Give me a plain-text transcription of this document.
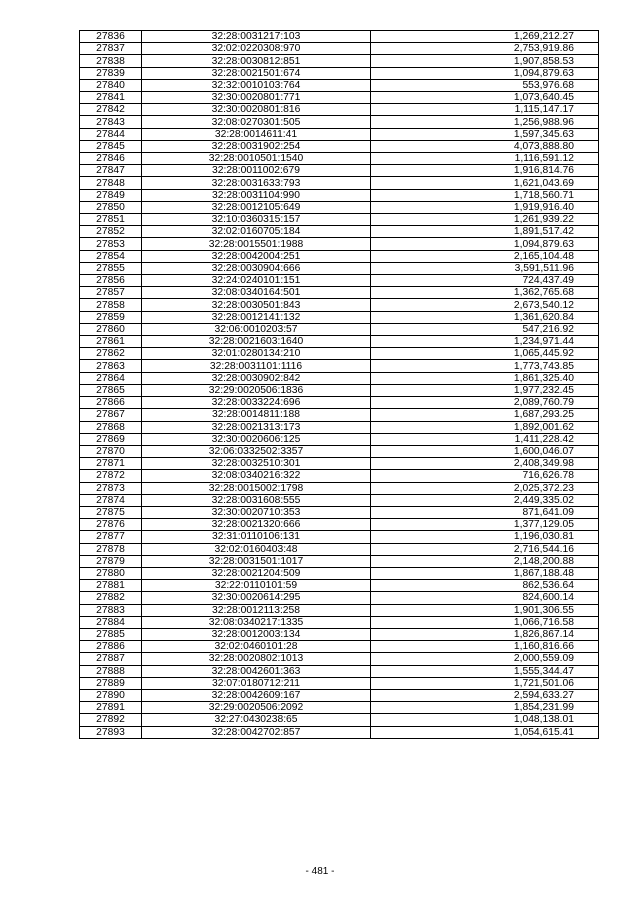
27836	32:28:0031217:103	1,269,212.27
27837	32:02:0220308:970	2,753,919.86
27838	32:28:0030812:851	1,907,858.53
27839	32:28:0021501:674	1,094,879.63
27840	32:32:0010103:764	553,976.68
27841	32:30:0020801:771	1,073,640.45
27842	32:30:0020801:816	1,115,147.17
27843	32:08:0270301:505	1,256,988.96
27844	32:28:0014611:41	1,597,345.63
27845	32:28:0031902:254	4,073,888.80
27846	32:28:0010501:1540	1,116,591.12
27847	32:28:0011002:679	1,916,814.76
27848	32:28:0031633:793	1,621,043.69
27849	32:28:0031104:990	1,718,560.71
27850	32:28:0012105:649	1,919,916.40
27851	32:10:0360315:157	1,261,939.22
27852	32:02:0160705:184	1,891,517.42
27853	32:28:0015501:1988	1,094,879.63
27854	32:28:0042004:251	2,165,104.48
27855	32:28:0030904:666	3,591,511.96
27856	32:24:0240101:151	724,437.49
27857	32:08:0340164:501	1,362,765.68
27858	32:28:0030501:843	2,673,540.12
27859	32:28:0012141:132	1,361,620.84
27860	32:06:0010203:57	547,216.92
27861	32:28:0021603:1640	1,234,971.44
27862	32:01:0280134:210	1,065,445.92
27863	32:28:0031101:1116	1,773,743.85
27864	32:28:0030902:842	1,861,325.40
27865	32:29:0020506:1836	1,977,232.45
27866	32:28:0033224:696	2,089,760.79
27867	32:28:0014811:188	1,687,293.25
27868	32:28:0021313:173	1,892,001.62
27869	32:30:0020606:125	1,411,228.42
27870	32:06:0332502:3357	1,600,046.07
27871	32:28:0032510:301	2,408,349.98
27872	32:08:0340216:322	716,626.78
27873	32:28:0015002:1798	2,025,372.23
27874	32:28:0031608:555	2,449,335.02
27875	32:30:0020710:353	871,641.09
27876	32:28:0021320:666	1,377,129.05
27877	32:31:0110106:131	1,196,030.81
27878	32:02:0160403:48	2,716,544.16
27879	32:28:0031501:1017	2,148,200.88
27880	32:28:0021204:509	1,867,188.48
27881	32:22:0110101:59	862,536.64
27882	32:30:0020614:295	824,600.14
27883	32:28:0012113:258	1,901,306.55
27884	32:08:0340217:1335	1,066,716.58
27885	32:28:0012003:134	1,826,867.14
27886	32:02:0460101:28	1,160,816.66
27887	32:28:0020802:1013	2,000,559.09
27888	32:28:0042601:363	1,555,344.47
27889	32:07:0180712:211	1,721,501.06
27890	32:28:0042609:167	2,594,633.27
27891	32:29:0020506:2092	1,854,231.99
27892	32:27:0430238:65	1,048,138.01
27893	32:28:0042702:857	1,054,615.41
- 481 -
